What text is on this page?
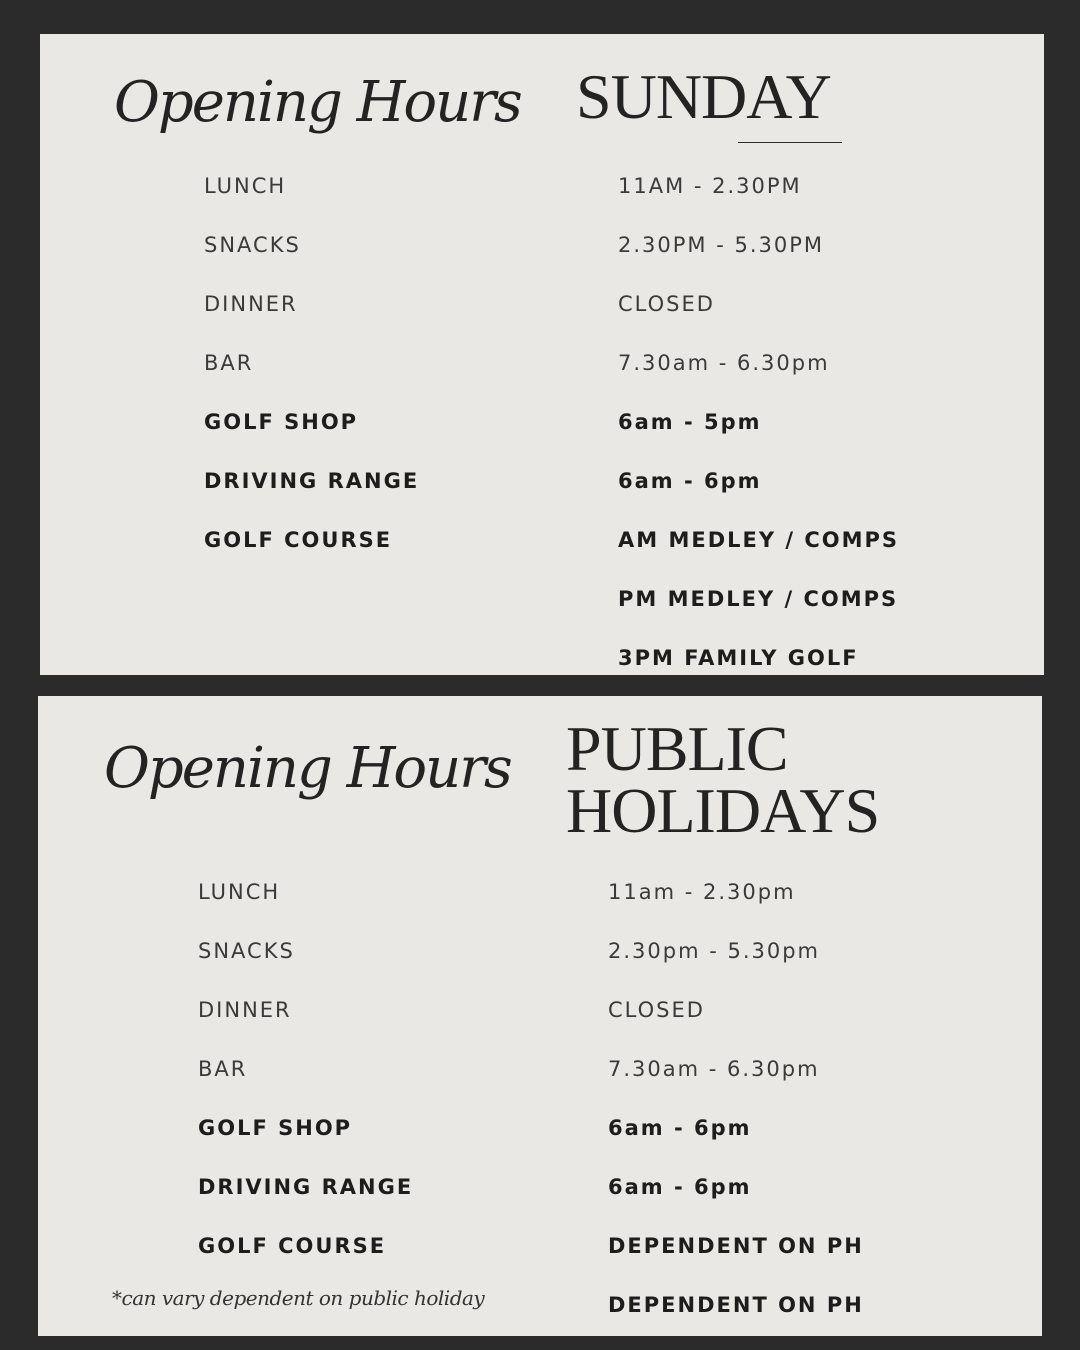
Opening Hours SUNDAY
LUNCH
SNACKS
DINNER
BAR
GOLF SHOP
DRIVING RANGE
GOLF COURSE
11AM - 2.30PM
2.30PM - 5.30PM
CLOSED
7.30am - 6.30pm
6am - 5pm
6am - 6pm
AM MEDLEY / COMPS
PM MEDLEY / COMPS
3PM FAMILY GOLF
Opening Hours PUBLIC
HOLIDAYS
LUNCH
SNACKS
DINNER
BAR
GOLF SHOP
DRIVING RANGE
GOLF COURSE
11am - 2.30pm
2.30pm - 5.30pm
CLOSED
7.30am - 6.30pm
6am - 6pm
6am - 6pm
DEPENDENT ON PH
DEPENDENT ON PH
*can vary dependent on public holiday
